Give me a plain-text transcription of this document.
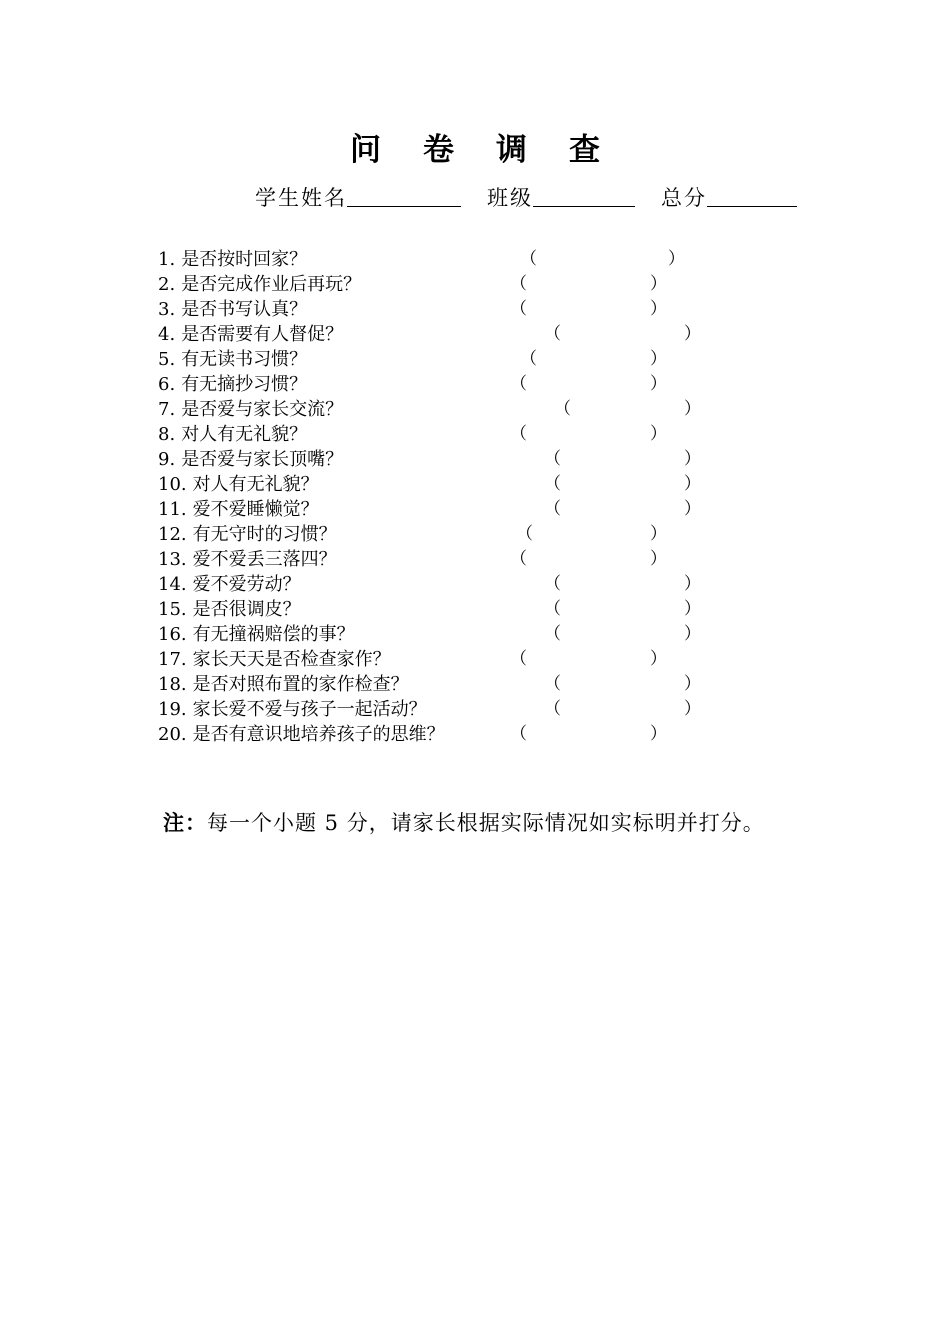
问卷调查
学生姓名	班级	总分
1. 是否按时回家？	（	）
2. 是否完成作业后再玩？	（	）
3. 是否书写认真？	（	）
4.是否需要有人督促？	（	）
5. 有无读书习惯？	（	）
6. 有无摘抄习惯？	（	）
7.是否爱与家长交流？	（	）
8. 对人有无礼貌？	（	）
9.是否爱与家长顶嘴？	（	）
10.对人有无礼貌？	（	）
11.爱不爱睡懒觉？	（	）
12. 有无守时的习惯？	（	）
13. 爱不爱丢三落四？	（	）
14.爱不爱劳动？	（	）
15.是否很调皮？	（	）
16.有无撞祸赔偿的事？	（	）
17. 家长天天是否检查家作？	（	）
18.是否对照布置的家作检查？	（	）
19.家长爱不爱与孩子一起活动？	（	）
20. 是否有意识地培养孩子的思维？	（	）
注：每一个小题 5 分，请家长根据实际情况如实标明并打分。
